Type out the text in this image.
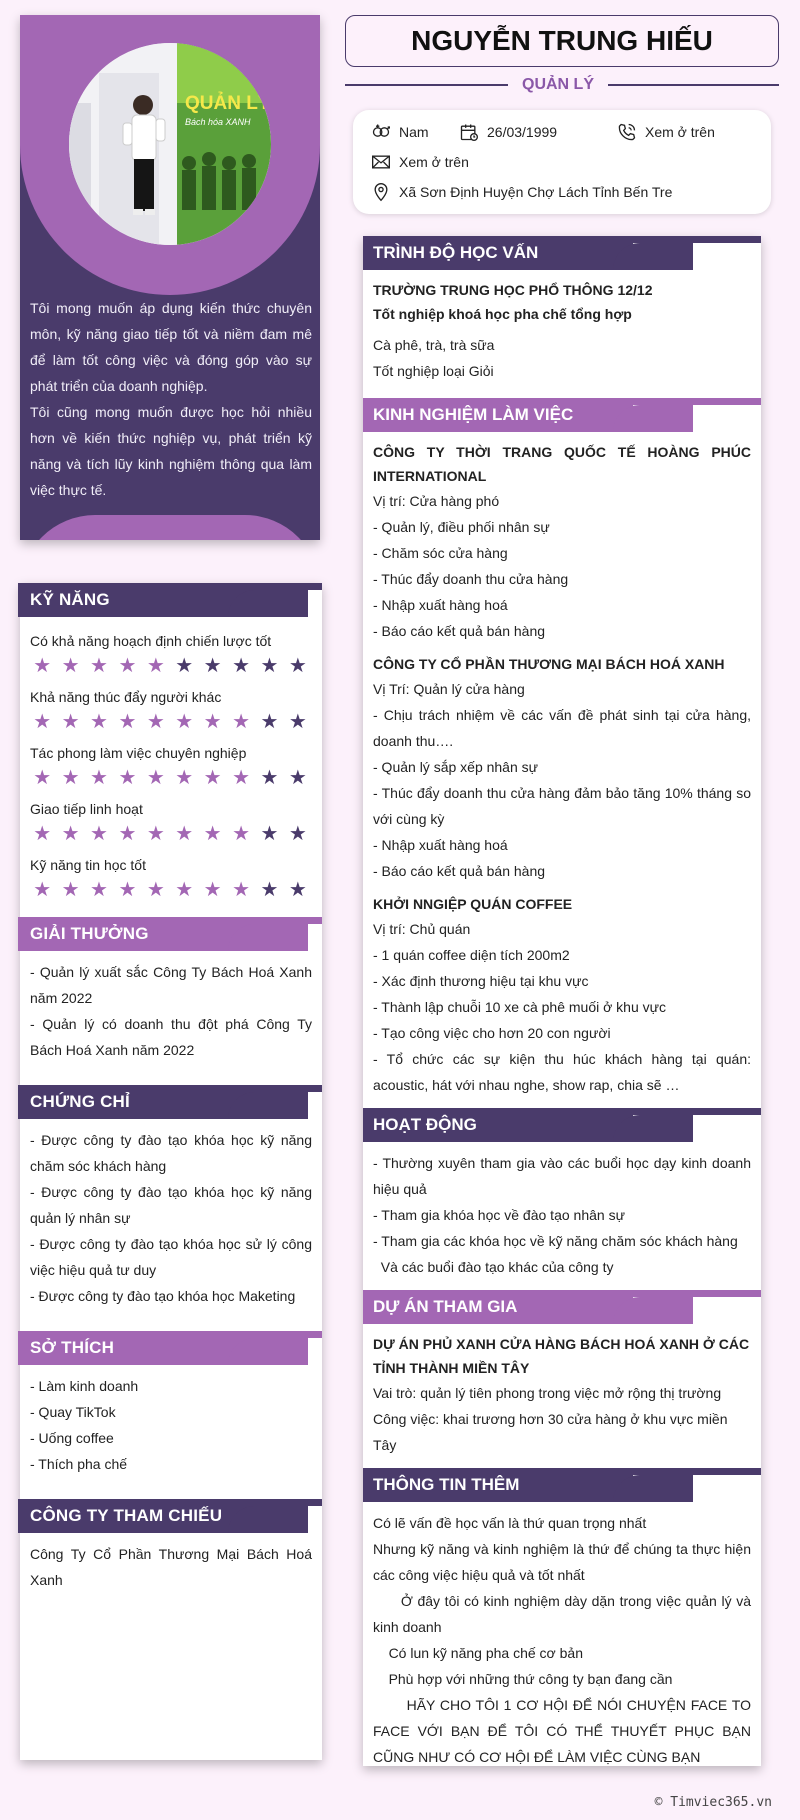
QUẢN LÝ
Bách hóa XANH

Tôi mong muốn áp dụng kiến thức chuyên môn, kỹ năng giao tiếp tốt và niềm đam mê để làm tốt công việc và đóng góp vào sự phát triển của doanh nghiệp.

Tôi cũng mong muốn được học hỏi nhiều hơn về kiến thức nghiệp vụ, phát triển kỹ năng và tích lũy kinh nghiệm thông qua làm việc thực tế.

KỸ NĂNG
Có khả năng hoạch định chiến lược tốt
★ ★ ★ ★ ★ ★ ★ ★ ★ ★
Khả năng thúc đẩy người khác
★ ★ ★ ★ ★ ★ ★ ★ ★ ★
Tác phong làm việc chuyên nghiệp
★ ★ ★ ★ ★ ★ ★ ★ ★ ★
Giao tiếp linh hoạt
★ ★ ★ ★ ★ ★ ★ ★ ★ ★
Kỹ năng tin học tốt
★ ★ ★ ★ ★ ★ ★ ★ ★ ★
GIẢI THƯỞNG
- Quản lý xuất sắc Công Ty Bách Hoá Xanh năm 2022
- Quản lý có doanh thu đột phá Công Ty Bách Hoá Xanh năm 2022
CHỨNG CHỈ
- Được công ty đào tạo khóa học kỹ năng chăm sóc khách hàng
- Được công ty đào tạo khóa học kỹ năng quản lý nhân sự
- Được công ty đào tạo khóa học sử lý công việc hiệu quả tư duy
- Được công ty đào tạo khóa học Maketing
SỞ THÍCH
- Làm kinh doanh
- Quay TikTok
- Uống coffee
- Thích pha chế
CÔNG TY THAM CHIẾU
Công Ty Cổ Phần Thương Mại Bách Hoá Xanh
NGUYỄN TRUNG HIẾU
QUẢN LÝ
Nam	26/03/1999	Xem ở trên
Xem ở trên
Xã Sơn Định Huyện Chợ Lách Tỉnh Bến Tre
TRÌNH ĐỘ HỌC VẤN
TRƯỜNG TRUNG HỌC PHỔ THÔNG 12/12
Tốt nghiệp khoá học pha chế tổng hợp
Cà phê, trà, trà sữa
Tốt nghiệp loại Giỏi
KINH NGHIỆM LÀM VIỆC
CÔNG TY THỜI TRANG QUỐC TẾ HOÀNG PHÚC INTERNATIONAL
Vị trí: Cửa hàng phó
- Quản lý, điều phối nhân sự
- Chăm sóc cửa hàng
- Thúc đẩy doanh thu cửa hàng
- Nhập xuất hàng hoá
- Báo cáo kết quả bán hàng
CÔNG TY CỔ PHẦN THƯƠNG MẠI BÁCH HOÁ XANH
Vị Trí: Quản lý cửa hàng
- Chịu trách nhiệm về các vấn đề phát sinh tại cửa hàng, doanh thu….
- Quản lý sắp xếp nhân sự
- Thúc đẩy doanh thu cửa hàng đảm bảo tăng 10% tháng so với cùng kỳ
- Nhập xuất hàng hoá
- Báo cáo kết quả bán hàng
KHỞI NNGIỆP QUÁN COFFEE
Vị trí: Chủ quán
- 1 quán coffee diện tích 200m2
- Xác định thương hiệu tại khu vực
- Thành lập chuỗi 10 xe cà phê muối ở khu vực
- Tạo công việc cho hơn 20 con người
- Tổ chức các sự kiện thu húc khách hàng tại quán: acoustic, hát với nhau nghe, show rap, chia sẽ …
HOẠT ĐỘNG
- Thường xuyên tham gia vào các buổi học dạy kinh doanh hiệu quả
- Tham gia khóa học về đào tạo nhân sự
- Tham gia các khóa học về kỹ năng chăm sóc khách hàng
Và các buổi đào tạo khác của công ty
DỰ ÁN THAM GIA
DỰ ÁN PHỦ XANH CỬA HÀNG BÁCH HOÁ XANH Ở CÁC TỈNH THÀNH MIỀN TÂY
Vai trò: quản lý tiên phong trong việc mở rộng thị trường
Công việc: khai trương hơn 30 cửa hàng ở khu vực miền Tây
THÔNG TIN THÊM
Có lẽ vấn đề học vấn là thứ quan trọng nhất
Nhưng kỹ năng và kinh nghiệm là thứ để chúng ta thực hiện các công việc hiệu quả và tốt nhất
Ở đây tôi có kinh nghiệm dày dặn trong việc quản lý và kinh doanh
Có lun kỹ năng pha chế cơ bản
Phù hợp với những thứ công ty bạn đang cần
HÃY CHO TÔI 1 CƠ HỘI ĐỂ NÓI CHUYỆN FACE TO FACE VỚI BẠN ĐỂ TÔI CÓ THỂ THUYẾT PHỤC BẠN CŨNG NHƯ CÓ CƠ HỘI ĐỂ LÀM VIỆC CÙNG BẠN
© Timviec365.vn
